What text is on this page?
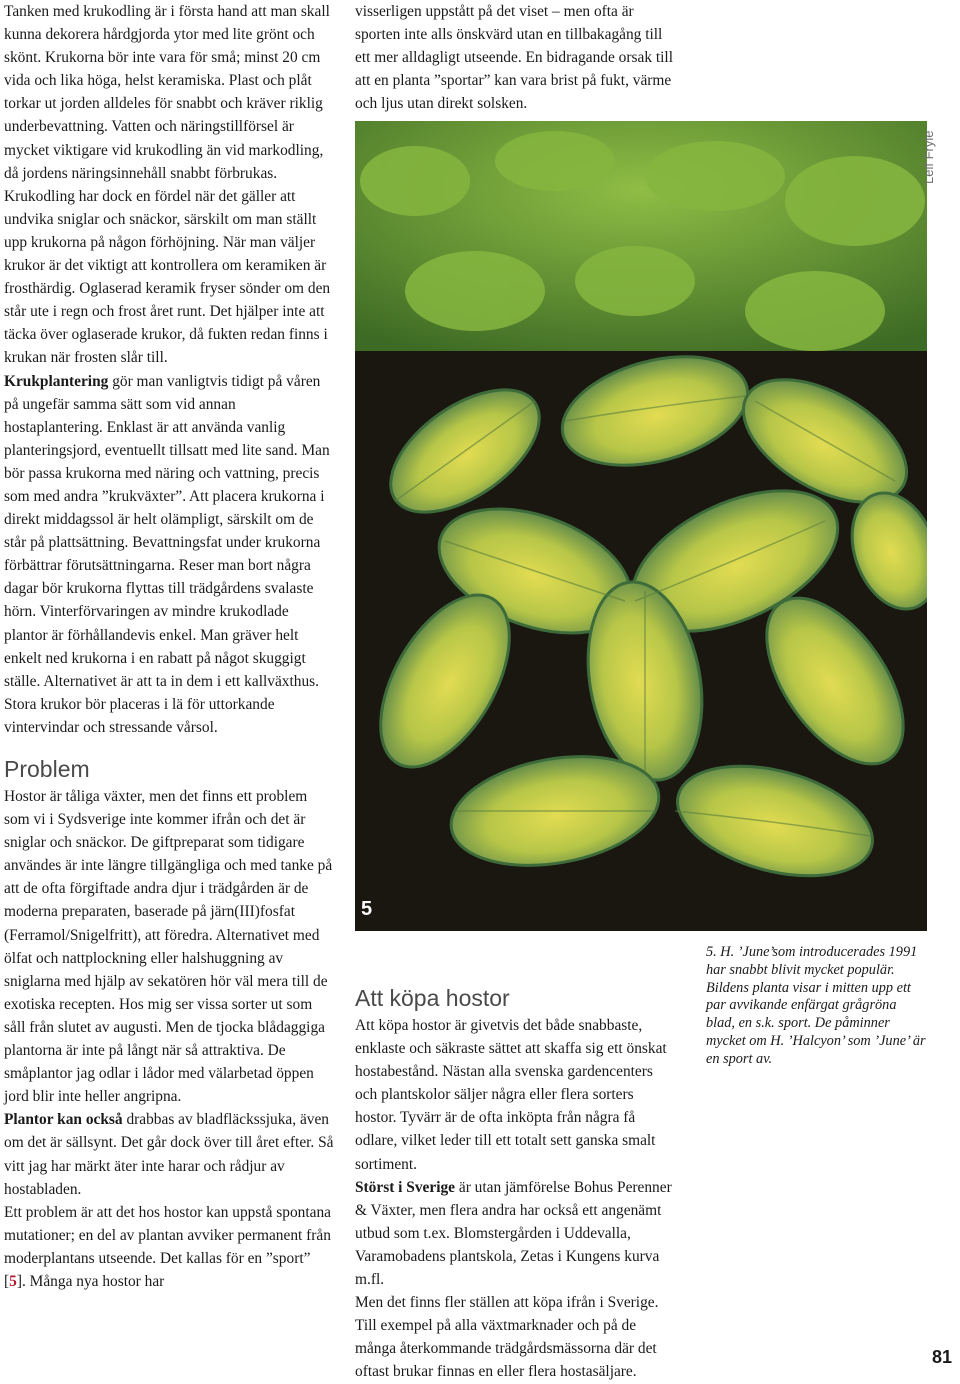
Tanken med krukodling är i första hand att man skall kunna dekorera hårdgjorda ytor med lite grönt och skönt. Krukorna bör inte vara för små; minst 20 cm vida och lika höga, helst keramiska. Plast och plåt torkar ut jorden alldeles för snabbt och kräver riklig underbevattning. Vatten och näringstillförsel är mycket viktigare vid krukodling än vid markodling, då jordens näringsinnehåll snabbt förbrukas. Krukodling har dock en fördel när det gäller att undvika sniglar och snäckor, särskilt om man ställt upp krukorna på någon förhöjning. När man väljer krukor är det viktigt att kontrollera om keramiken är frosthärdig. Oglaserad keramik fryser sönder om den står ute i regn och frost året runt. Det hjälper inte att täcka över oglaserade krukor, då fukten redan finns i krukan när frosten slår till.

Krukplantering gör man vanligtvis tidigt på våren på ungefär samma sätt som vid annan hostaplantering. Enklast är att använda vanlig planteringsjord, eventuellt tillsatt med lite sand. Man bör passa krukorna med näring och vattning, precis som med andra ”krukväxter”. Att placera krukorna i direkt middagssol är helt olämpligt, särskilt om de står på plattsättning. Bevattningsfat under krukorna förbättrar förutsättningarna. Reser man bort några dagar bör krukorna flyttas till trädgårdens svalaste hörn. Vinterförvaringen av mindre krukodlade plantor är förhållandevis enkel. Man gräver helt enkelt ned krukorna i en rabatt på något skuggigt ställe. Alternativet är att ta in dem i ett kallväxthus. Stora krukor bör placeras i lä för uttorkande vintervindar och stressande vårsol.

Problem

Hostor är tåliga växter, men det finns ett problem som vi i Sydsverige inte kommer ifrån och det är sniglar och snäckor. De giftpreparat som tidigare användes är inte längre tillgängliga och med tanke på att de ofta förgiftade andra djur i trädgården är de moderna preparaten, baserade på järn(III)fosfat (Ferramol/Snigelfritt), att föredra. Alternativet med ölfat och nattplockning eller halshuggning av sniglarna med hjälp av sekatören hör väl mera till de exotiska recepten. Hos mig ser vissa sorter ut som såll från slutet av augusti. Men de tjocka blådaggiga plantorna är inte på långt när så attraktiva. De småplantor jag odlar i lådor med välarbetad öppen jord blir inte heller angripna.

Plantor kan också drabbas av bladfläckssjuka, även om det är sällsynt. Det går dock över till året efter. Så vitt jag har märkt äter inte harar och rådjur av hostabladen.

Ett problem är att det hos hostor kan uppstå spontana mutationer; en del av plantan avviker permanent från moderplantans utseende. Det kallas för en ”sport” [5]. Många nya hostor har

visserligen uppstått på det viset – men ofta är sporten inte alls önskvärd utan en tillbakagång till ett mer alldagligt utseende. En bidragande orsak till att en planta ”sportar” kan vara brist på fukt, värme och ljus utan direkt solsken.

5
Leif Fryle
5. H. ’June’som introducerades 1991 har snabbt blivit mycket populär. Bildens planta visar i mitten upp ett par avvikande enfärgat grågröna blad, en s.k. sport. De påminner mycket om H. ’Halcyon’ som ’June’ är en sport av.
Att köpa hostor

Att köpa hostor är givetvis det både snabbaste, enklaste och säkraste sättet att skaffa sig ett önskat hostabestånd. Nästan alla svenska gardencenters och plantskolor säljer några eller flera sorters hostor. Tyvärr är de ofta inköpta från några få odlare, vilket leder till ett totalt sett ganska smalt sortiment.

Störst i Sverige är utan jämförelse Bohus Perenner & Växter, men flera andra har också ett angenämt utbud som t.ex. Blomstergården i Uddevalla, Varamobadens plantskola, Zetas i Kungens kurva m.fl.

Men det finns fler ställen att köpa ifrån i Sverige. Till exempel på alla växtmarknader och på de många återkommande trädgårdsmässorna där det oftast brukar finnas en eller flera hostasäljare.

81
